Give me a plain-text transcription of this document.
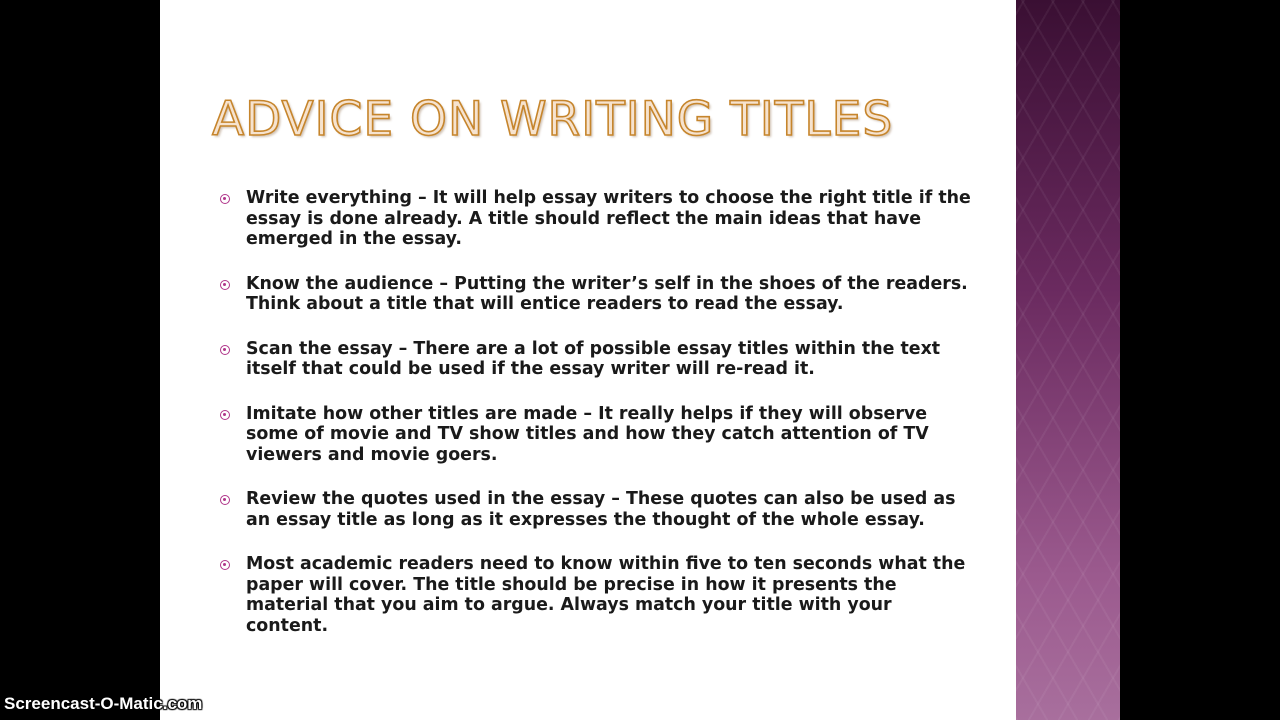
ADVICE ON WRITING TITLES
Write everything – It will help essay writers to choose the right title if the essay is done already. A title should reflect the main ideas that have emerged in the essay.
Know the audience – Putting the writer’s self in the shoes of the readers. Think about a title that will entice readers to read the essay.
Scan the essay – There are a lot of possible essay titles within the text itself that could be used if the essay writer will re-read it.
Imitate how other titles are made – It really helps if they will observe some of movie and TV show titles and how they catch attention of TV viewers and movie goers.
Review the quotes used in the essay – These quotes can also be used as an essay title as long as it expresses the thought of the whole essay.
Most academic readers need to know within five to ten seconds what the paper will cover. The title should be precise in how it presents the material that you aim to argue. Always match your title with your content.
Screencast-O-Matic.com
